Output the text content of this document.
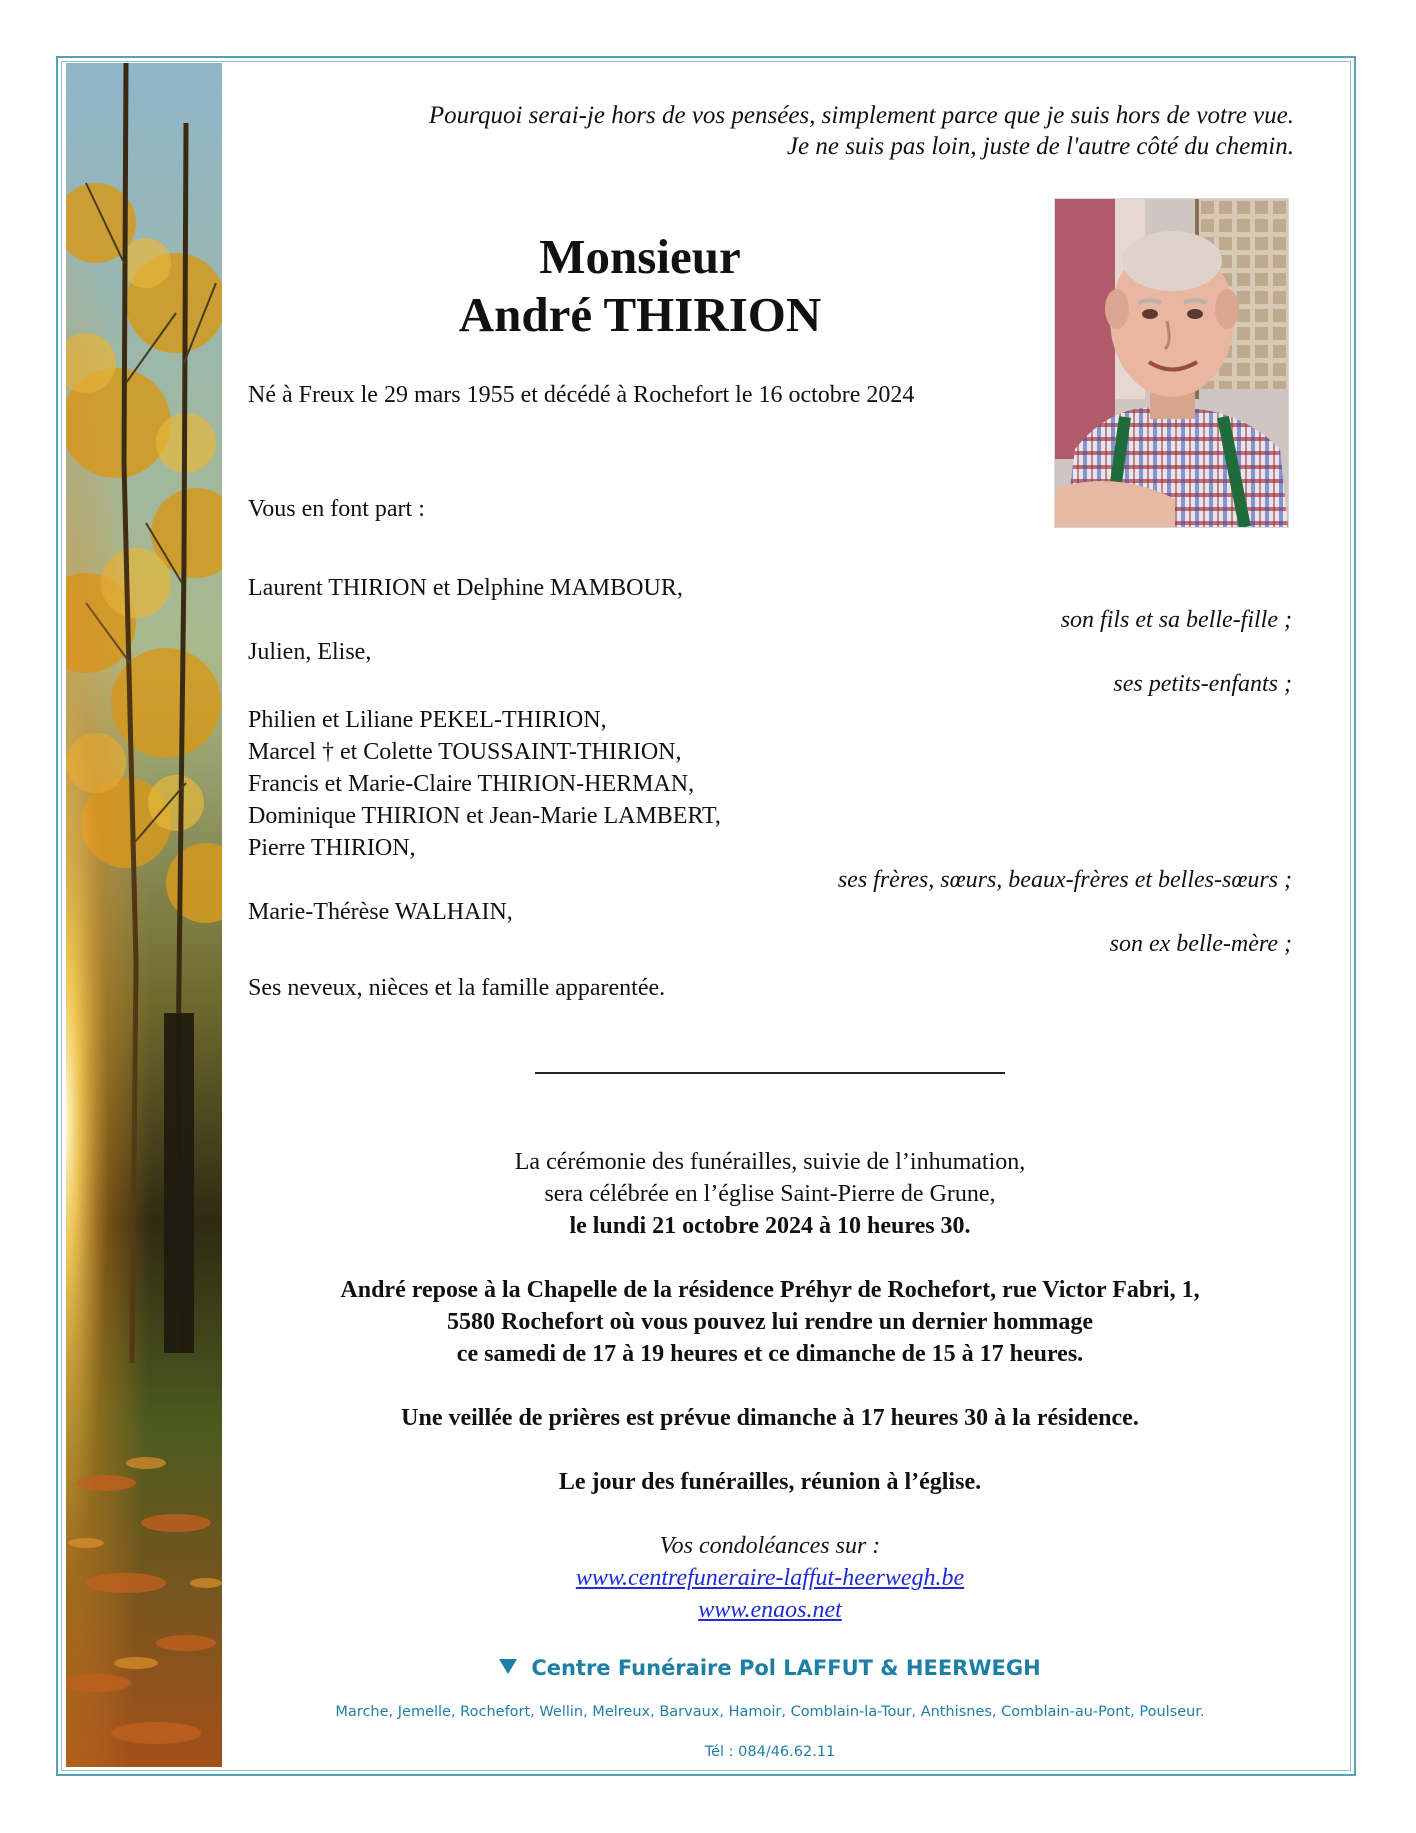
Pourquoi serai-je hors de vos pensées, simplement parce que je suis hors de votre vue.
Je ne suis pas loin, juste de l'autre côté du chemin.
Monsieur
André THIRION
Né à Freux le 29 mars 1955 et décédé à Rochefort le 16 octobre 2024
Vous en font part :
Laurent THIRION et Delphine MAMBOUR,
son fils et sa belle-fille ;
Julien, Elise,
ses petits-enfants ;
Philien et Liliane PEKEL-THIRION,
Marcel † et Colette TOUSSAINT-THIRION,
Francis et Marie-Claire THIRION-HERMAN,
Dominique THIRION et Jean-Marie LAMBERT,
Pierre THIRION,
ses frères, sœurs, beaux-frères et belles-sœurs ;
Marie-Thérèse WALHAIN,
son ex belle-mère ;
Ses neveux, nièces et la famille apparentée.
La cérémonie des funérailles, suivie de l’inhumation,
sera célébrée en l’église Saint-Pierre de Grune,
le lundi 21 octobre 2024 à 10 heures 30.
André repose à la Chapelle de la résidence Préhyr de Rochefort, rue Victor Fabri, 1,
5580 Rochefort où vous pouvez lui rendre un dernier hommage
ce samedi de 17 à 19 heures et ce dimanche de 15 à 17 heures.
Une veillée de prières est prévue dimanche à 17 heures 30 à la résidence.
Le jour des funérailles, réunion à l’église.
Vos condoléances sur :
www.centrefuneraire-laffut-heerwegh.be
www.enaos.net
Centre Funéraire Pol LAFFUT & HEERWEGH
Marche, Jemelle, Rochefort, Wellin, Melreux, Barvaux, Hamoir, Comblain-la-Tour, Anthisnes, Comblain-au-Pont, Poulseur.
Tél : 084/46.62.11
